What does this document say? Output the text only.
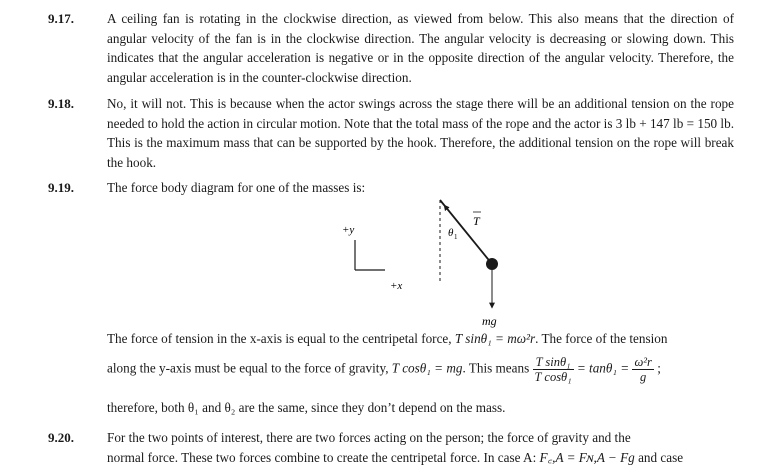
9.17.	A ceiling fan is rotating in the clockwise direction, as viewed from below. This also means that the direction of angular velocity of the fan is in the clockwise direction. The angular velocity is decreasing or slowing down. This indicates that the angular acceleration is negative or in the opposite direction of the angular velocity. Therefore, the angular acceleration is in the counter-clockwise direction.
9.18.	No, it will not. This is because when the actor swings across the stage there will be an additional tension on the rope needed to hold the action in circular motion. Note that the total mass of the rope and the actor is 3 lb + 147 lb = 150 lb. This is the maximum mass that can be supported by the hook. Therefore, the additional tension on the rope will break the hook.
9.19.	The force body diagram for one of the masses is:
+y
+x
T
θ 1
mg
The force of tension in the x-axis is equal to the centripetal force, T sinθ₁ = mω²r. The force of the tension
along the y-axis must be equal to the force of gravity, T cosθ₁ = mg. This means $\frac{\text{T sinθ₁}}{\text{T cosθ₁}} = \tan\theta_1 = \frac{\text{ω²r}}{g}$ ;
therefore, both θ₁ and θ₂ are the same, since they don’t depend on the mass.
9.20.	For the two points of interest, there are two forces acting on the person; the force of gravity and the
normal force. These two forces combine to create the centripetal force. In case A: F꜀,A = Fɴ,A − Fg and case
